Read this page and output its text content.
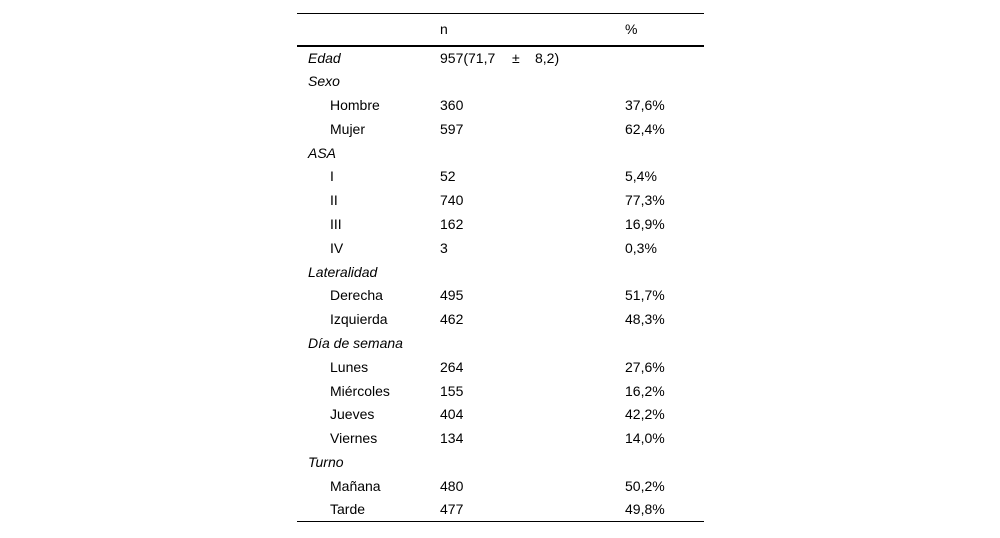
	n	%
Edad	957(71,7 ± 8,2)	
Sexo		
Hombre	360	37,6%
Mujer	597	62,4%
ASA		
I	52	5,4%
II	740	77,3%
III	162	16,9%
IV	3	0,3%
Lateralidad		
Derecha	495	51,7%
Izquierda	462	48,3%
Día de semana		
Lunes	264	27,6%
Miércoles	155	16,2%
Jueves	404	42,2%
Viernes	134	14,0%
Turno		
Mañana	480	50,2%
Tarde	477	49,8%
